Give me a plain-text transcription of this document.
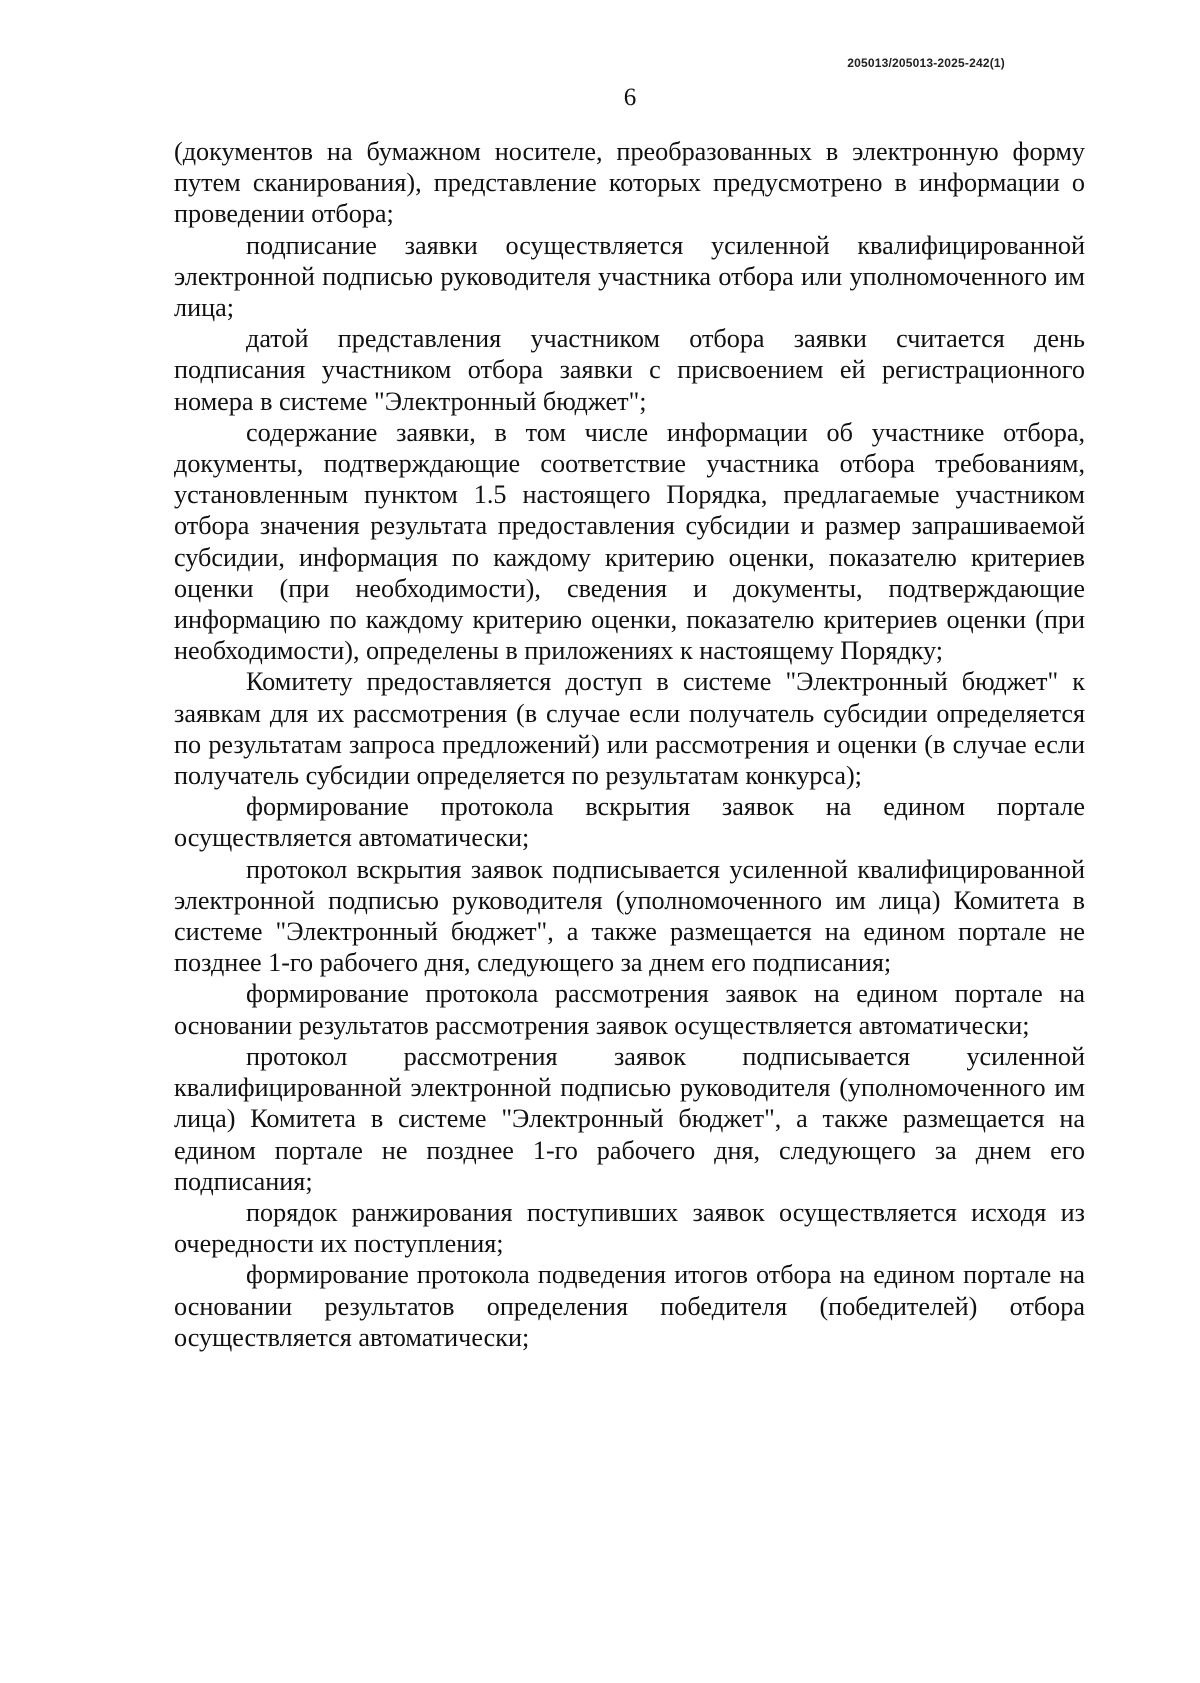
205013/205013-2025-242(1)
6

(документов на бумажном носителе, преобразованных в электронную форму путем сканирования), представление которых предусмотрено в информации о проведении отбора;

подписание заявки осуществляется усиленной квалифицированной электронной подписью руководителя участника отбора или уполномоченного им лица;

датой представления участником отбора заявки считается день подписания участником отбора заявки с присвоением ей регистрационного номера в системе "Электронный бюджет";

содержание заявки, в том числе информации об участнике отбора, документы, подтверждающие соответствие участника отбора требованиям, установленным пунктом 1.5 настоящего Порядка, предлагаемые участником отбора значения результата предоставления субсидии и размер запрашиваемой субсидии, информация по каждому критерию оценки, показателю критериев оценки (при необходимости), сведения и документы, подтверждающие информацию по каждому критерию оценки, показателю критериев оценки (при необходимости), определены в приложениях к настоящему Порядку;

Комитету предоставляется доступ в системе "Электронный бюджет" к заявкам для их рассмотрения (в случае если получатель субсидии определяется по результатам запроса предложений) или рассмотрения и оценки (в случае если получатель субсидии определяется по результатам конкурса);

формирование протокола вскрытия заявок на едином портале осуществляется автоматически;

протокол вскрытия заявок подписывается усиленной квалифицированной электронной подписью руководителя (уполномоченного им лица) Комитета в системе "Электронный бюджет", а также размещается на едином портале не позднее 1-го рабочего дня, следующего за днем его подписания;

формирование протокола рассмотрения заявок на едином портале на основании результатов рассмотрения заявок осуществляется автоматически;

протокол рассмотрения заявок подписывается усиленной квалифицированной электронной подписью руководителя (уполномоченного им лица) Комитета в системе "Электронный бюджет", а также размещается на едином портале не позднее 1-го рабочего дня, следующего за днем его подписания;

порядок ранжирования поступивших заявок осуществляется исходя из очередности их поступления;

формирование протокола подведения итогов отбора на едином портале на основании результатов определения победителя (победителей) отбора осуществляется автоматически;
